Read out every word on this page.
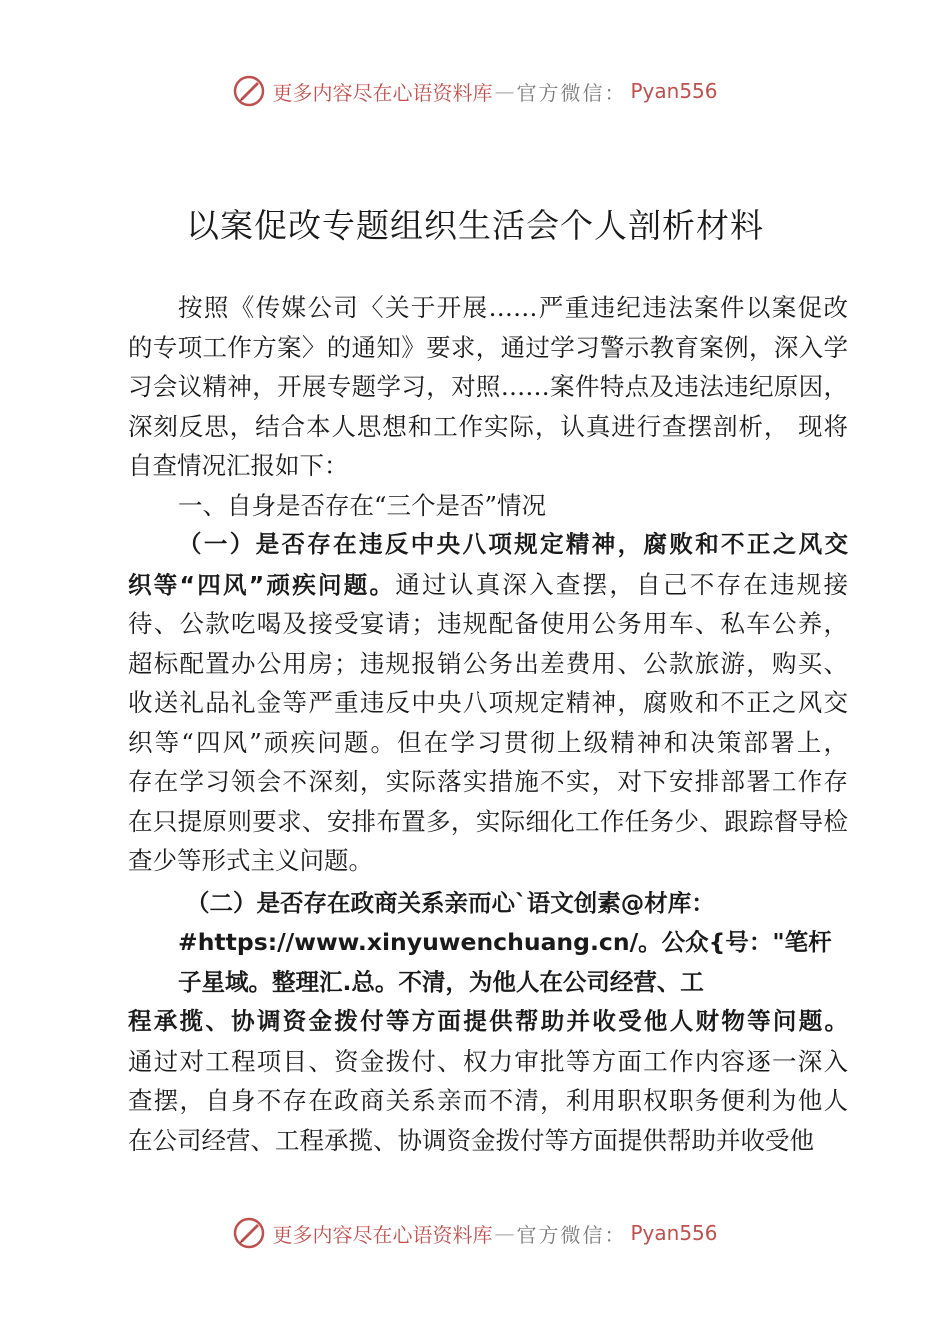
更多内容尽在心语资料库 — 官方微信： Pyan556
以案促改专题组织生活会个人剖析材料
按照《传媒公司〈关于开展……严重违纪违法案件以案促改
的专项工作方案〉的通知》要求，通过学习警示教育案例，深入学
习会议精神，开展专题学习，对照……案件特点及违法违纪原因，
深刻反思，结合本人思想和工作实际，认真进行查摆剖析， 现将
自查情况汇报如下：
一、自身是否存在“三个是否”情况
（一）是否存在违反中央八项规定精神，腐败和不正之风交
织等“四风”顽疾问题。通过认真深入查摆，自己不存在违规接
待、公款吃喝及接受宴请；违规配备使用公务用车、私车公养，
超标配置办公用房；违规报销公务出差费用、公款旅游，购买、
收送礼品礼金等严重违反中央八项规定精神，腐败和不正之风交
织等“四风”顽疾问题。但在学习贯彻上级精神和决策部署上，
存在学习领会不深刻，实际落实措施不实，对下安排部署工作存
在只提原则要求、安排布置多，实际细化工作任务少、跟踪督导检
查少等形式主义问题。
（二）是否存在政商关系亲而心`语文创素@材库：
#https://www.xinyuwenchuang.cn/。公众{号："笔杆
子星域。整理汇.总。不清，为他人在公司经营、工
程承揽、协调资金拨付等方面提供帮助并收受他人财物等问题。
通过对工程项目、资金拨付、权力审批等方面工作内容逐一深入
查摆，自身不存在政商关系亲而不清，利用职权职务便利为他人
在公司经营、工程承揽、协调资金拨付等方面提供帮助并收受他
更多内容尽在心语资料库 — 官方微信： Pyan556
